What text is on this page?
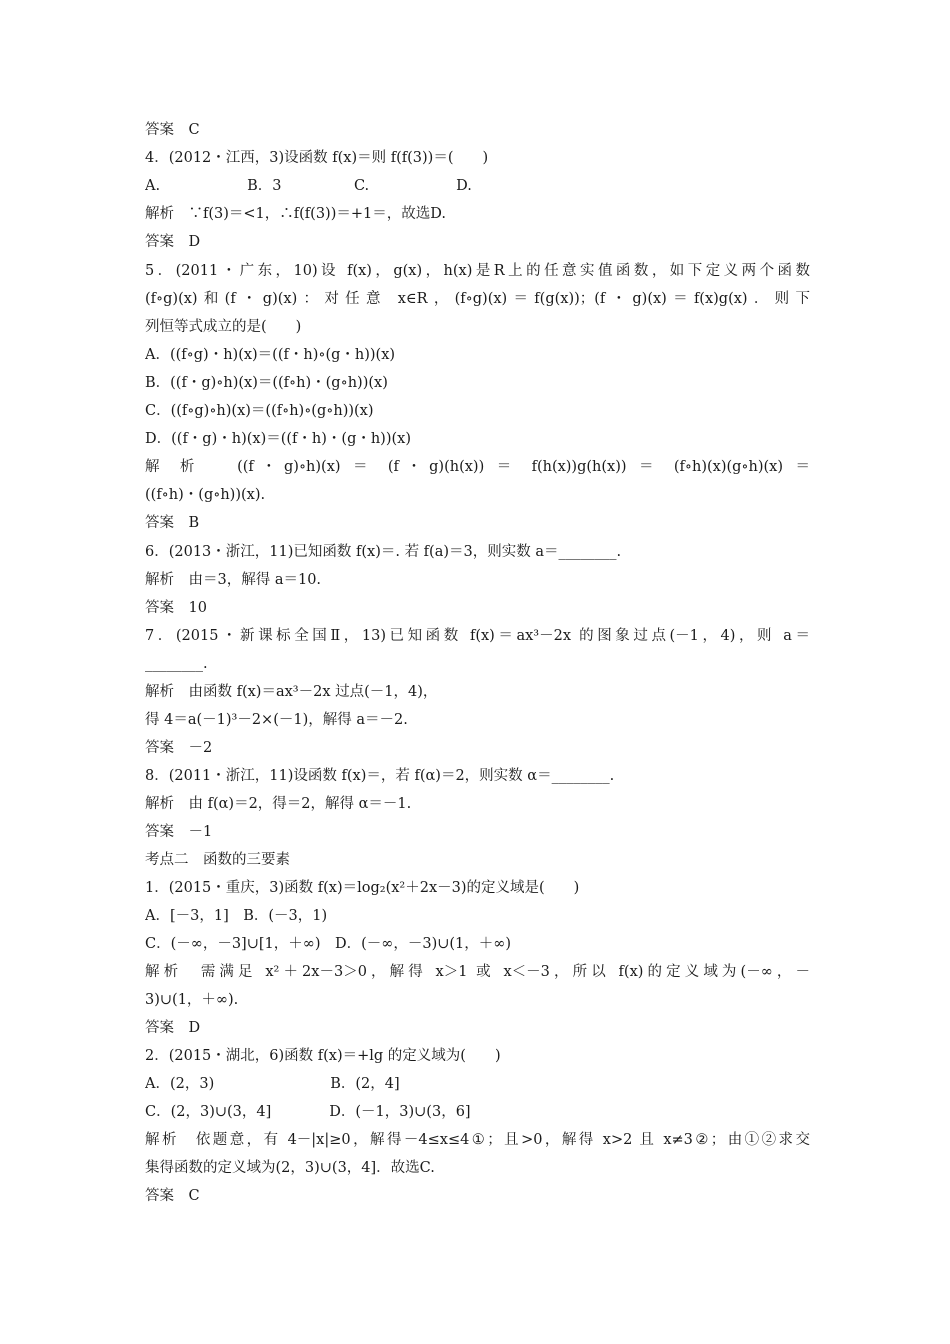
答案　C
4．(2012・江西，3)设函数 f(x)＝则 f(f(3))＝(　　)
A.　　　　　　B．3　　　　　C.　　　　　　D.
解析　∵f(3)＝<1，∴f(f(3))＝+1＝，故选D.
答案　D
5．(2011・广东，10)设 f(x)，g(x)，h(x)是R上的任意实值函数，如下定义两个函数
(f∘g)(x)和(f・g)(x)：对任意 x∈R，(f∘g)(x)＝f(g(x))；(f・g)(x)＝f(x)g(x)．则下
列恒等式成立的是(　　)
A．((f∘g)・h)(x)＝((f・h)∘(g・h))(x)
B．((f・g)∘h)(x)＝((f∘h)・(g∘h))(x)
C．((f∘g)∘h)(x)＝((f∘h)∘(g∘h))(x)
D．((f・g)・h)(x)＝((f・h)・(g・h))(x)
解 析　 ((f・g)∘h)(x) ＝ (f・g)(h(x)) ＝ f(h(x))g(h(x)) ＝ (f∘h)(x)(g∘h)(x) ＝
((f∘h)・(g∘h))(x).
答案　B
6．(2013・浙江，11)已知函数 f(x)＝. 若 f(a)＝3，则实数 a＝________.
解析　由＝3，解得 a＝10.
答案　10
7．(2015・新课标全国Ⅱ，13)已知函数 f(x)＝ax³－2x 的图象过点(－1，4)，则 a＝
________.
解析　由函数 f(x)＝ax³－2x 过点(－1，4)，
得 4＝a(－1)³－2×(－1)，解得 a＝－2.
答案　－2
8．(2011・浙江，11)设函数 f(x)＝，若 f(α)＝2，则实数 α＝________.
解析　由 f(α)＝2，得＝2，解得 α＝－1.
答案　－1
考点二　函数的三要素
1．(2015・重庆，3)函数 f(x)＝log₂(x²＋2x－3)的定义域是(　　)
A．[－3，1]　B．(－3，1)
C．(－∞，－3]∪[1，＋∞)　D．(－∞，－3)∪(1，＋∞)
解析　需满足 x²＋2x－3＞0，解得 x＞1 或 x＜－3，所以 f(x)的定义域为(－∞，－
3)∪(1，＋∞).
答案　D
2．(2015・湖北，6)函数 f(x)＝+lg 的定义域为(　　)
A．(2，3)　　　　　　　　B．(2，4]
C．(2，3)∪(3，4]　　　　D．(－1，3)∪(3，6]
解析　依题意，有 4－|x|≥0，解得－4≤x≤4①；且>0，解得 x>2 且 x≠3②；由①②求交
集得函数的定义域为(2，3)∪(3，4]．故选C.
答案　C
